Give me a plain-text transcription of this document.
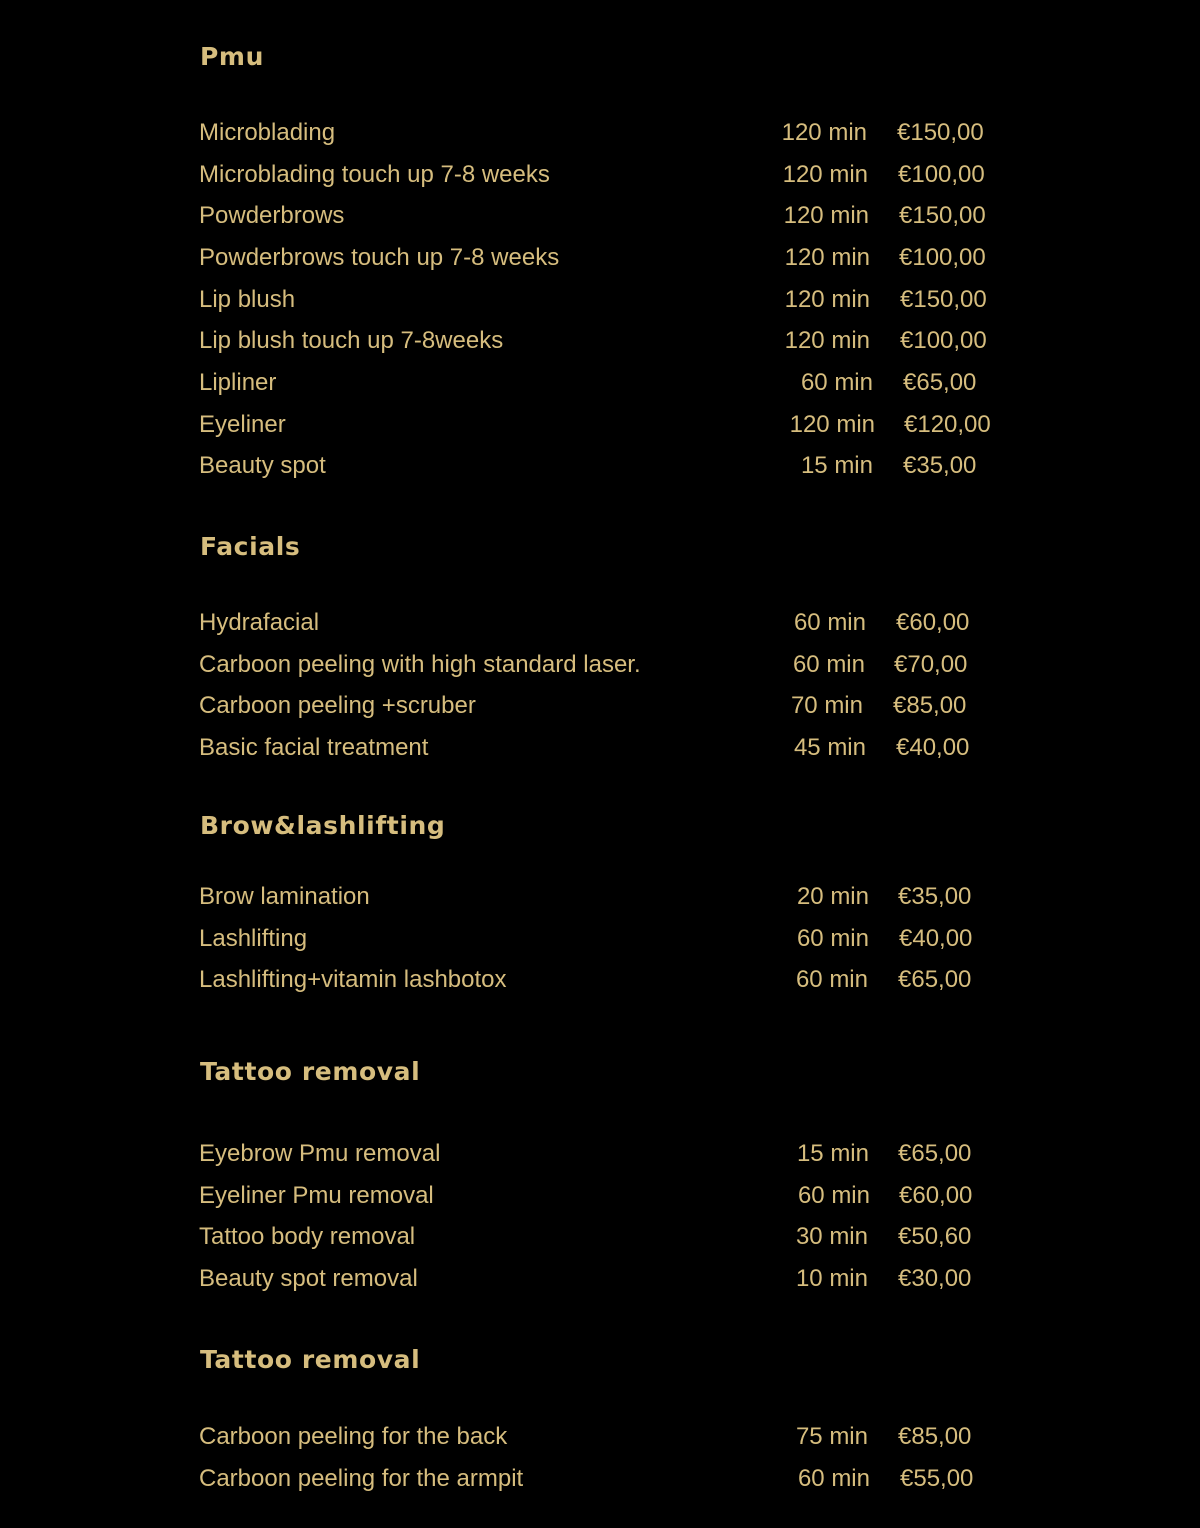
Pmu
Microblading	120 min €150,00
Microblading touch up 7-8 weeks	120 min €100,00
Powderbrows	120 min €150,00
Powderbrows touch up 7-8 weeks	120 min €100,00
Lip blush	120 min €150,00
Lip blush touch up 7-8weeks	120 min €100,00
Lipliner	60 min €65,00
Eyeliner	120 min €120,00
Beauty spot	15 min €35,00
Facials
Hydrafacial	60 min €60,00
Carboon peeling with high standard laser.	60 min €70,00
Carboon peeling +scruber	70 min €85,00
Basic facial treatment	45 min €40,00
Brow&lashlifting
Brow lamination	20 min €35,00
Lashlifting	60 min €40,00
Lashlifting+vitamin lashbotox	60 min €65,00
Tattoo removal
Eyebrow Pmu removal	15 min €65,00
Eyeliner Pmu removal	60 min €60,00
Tattoo body removal	30 min €50,60
Beauty spot removal	10 min €30,00
Tattoo removal
Carboon peeling for the back	75 min €85,00
Carboon peeling for the armpit	60 min €55,00
